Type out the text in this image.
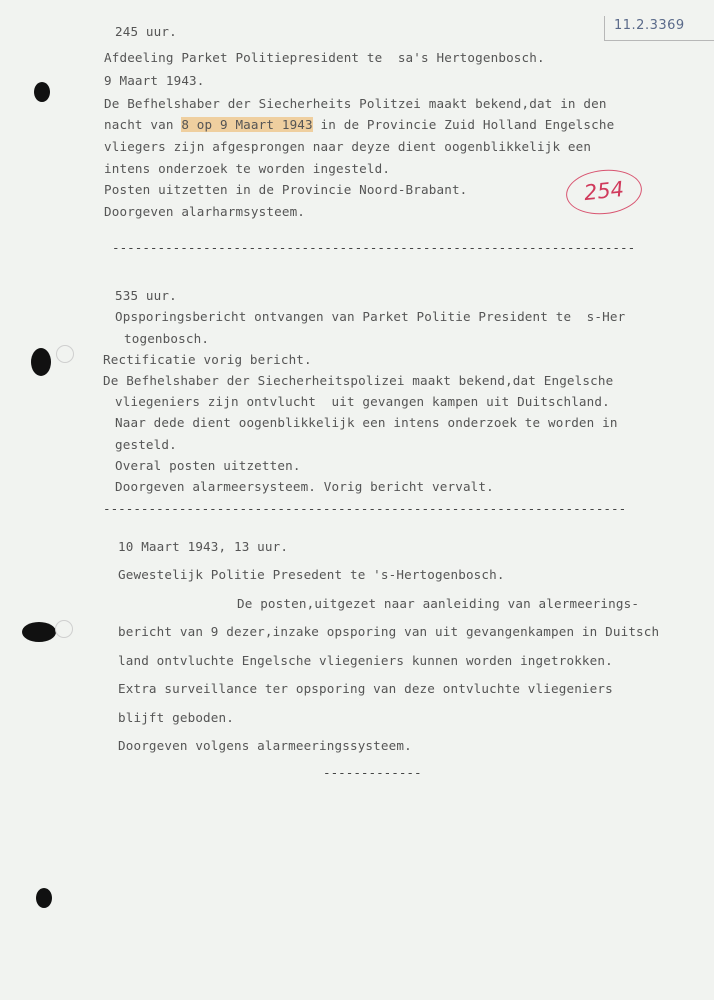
11.2.3369
254
245 uur.
Afdeeling Parket Politiepresident te  sa's Hertogenbosch.
9 Maart 1943.
De Befhelshaber der Siecherheits Politzei maakt bekend,dat in den
nacht van 8 op 9 Maart 1943 in de Provincie Zuid Holland Engelsche
vliegers zijn afgesprongen naar deyze dient oogenblikkelijk een
intens onderzoek te worden ingesteld.
Posten uitzetten in de Provincie Noord-Brabant.
Doorgeven alarharmsysteem.
---------------------------------------------------------------------
535 uur.
Opsporingsbericht ontvangen van Parket Politie President te  s-Her
togenbosch.
Rectificatie vorig bericht.
De Befhelshaber der Siecherheitspolizei maakt bekend,dat Engelsche
vliegeniers zijn ontvlucht  uit gevangen kampen uit Duitschland.
Naar dede dient oogenblikkelijk een intens onderzoek te worden in
gesteld.
Overal posten uitzetten.
Doorgeven alarmeersysteem. Vorig bericht vervalt.
---------------------------------------------------------------------
10 Maart 1943, 13 uur.
Gewestelijk Politie Presedent te 's-Hertogenbosch.
De posten,uitgezet naar aanleiding van alermeerings-
bericht van 9 dezer,inzake opsporing van uit gevangenkampen in Duitsch
land ontvluchte Engelsche vliegeniers kunnen worden ingetrokken.
Extra surveillance ter opsporing van deze ontvluchte vliegeniers
blijft geboden.
Doorgeven volgens alarmeeringssysteem.
-------------
